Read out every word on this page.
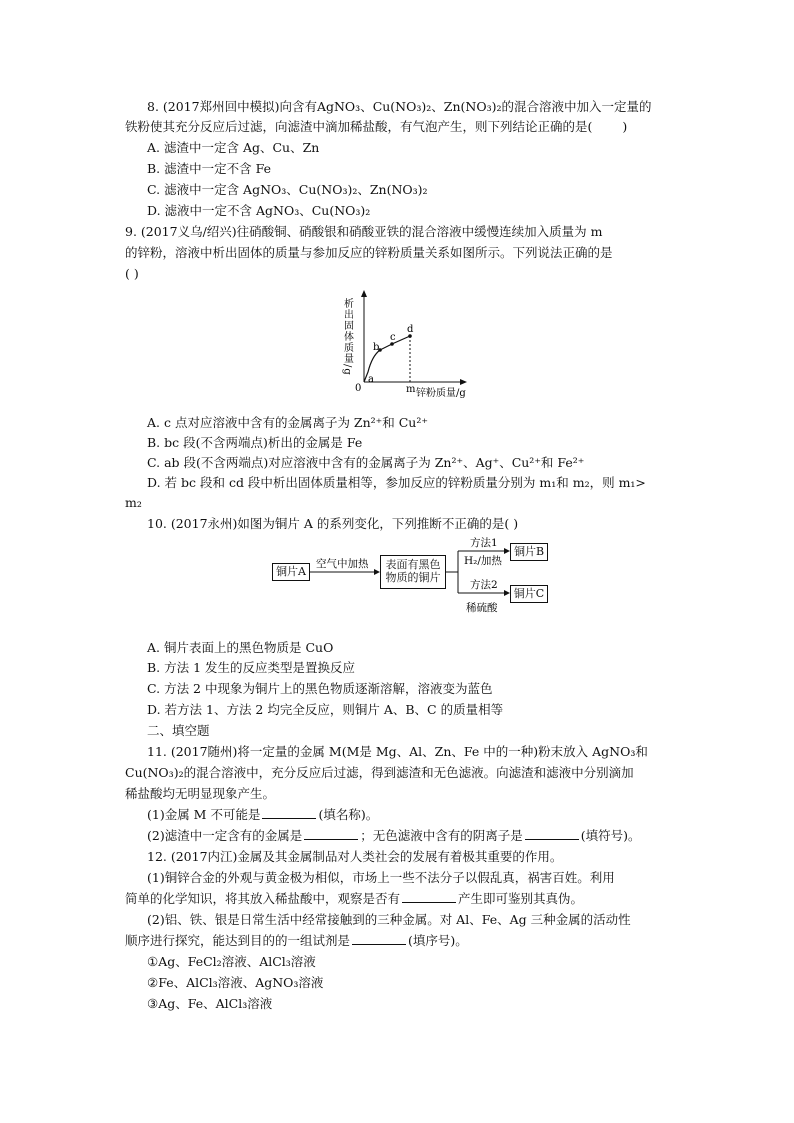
8. (2017郑州回中模拟)向含有AgNO₃、Cu(NO₃)₂、Zn(NO₃)₂的混合溶液中加入一定量的
铁粉使其充分反应后过滤，向滤渣中滴加稀盐酸，有气泡产生，则下列结论正确的是( )
A. 滤渣中一定含 Ag、Cu、Zn
B. 滤渣中一定不含 Fe
C. 滤液中一定含 AgNO₃、Cu(NO₃)₂、Zn(NO₃)₂
D. 滤液中一定不含 AgNO₃、Cu(NO₃)₂
9. (2017义乌/绍兴)往硝酸铜、硝酸银和硝酸亚铁的混合溶液中缓慢连续加入质量为 m
的锌粉，溶液中析出固体的质量与参加反应的锌粉质量关系如图所示。下列说法正确的是
( )
析出固体质量/g
0
a
b
c
d
m 锌粉质量/g
A. c 点对应溶液中含有的金属离子为 Zn²⁺和 Cu²⁺
B. bc 段(不含两端点)析出的金属是 Fe
C. ab 段(不含两端点)对应溶液中含有的金属离子为 Zn²⁺、Ag⁺、Cu²⁺和 Fe²⁺
D. 若 bc 段和 cd 段中析出固体质量相等，参加反应的锌粉质量分别为 m₁和 m₂，则 m₁>
m₂
10. (2017永州)如图为铜片 A 的系列变化，下列推断不正确的是( )
空气中加热
方法1
H₂/加热
方法2
稀硫酸
铜片A
表面有黑色
物质的铜片
铜片B
铜片C
A. 铜片表面上的黑色物质是 CuO
B. 方法 1 发生的反应类型是置换反应
C. 方法 2 中现象为铜片上的黑色物质逐渐溶解，溶液变为蓝色
D. 若方法 1、方法 2 均完全反应，则铜片 A、B、C 的质量相等
二、填空题
11. (2017随州)将一定量的金属 M(M是 Mg、Al、Zn、Fe 中的一种)粉末放入 AgNO₃和
Cu(NO₃)₂的混合溶液中，充分反应后过滤，得到滤渣和无色滤液。向滤渣和滤液中分别滴加
稀盐酸均无明显现象产生。
(1)金属 M 不可能是	(填名称)。
(2)滤渣中一定含有的金属是	；无色滤液中含有的阴离子是	(填符号)。
12. (2017内江)金属及其金属制品对人类社会的发展有着极其重要的作用。
(1)铜锌合金的外观与黄金极为相似，市场上一些不法分子以假乱真，祸害百姓。利用
简单的化学知识，将其放入稀盐酸中，观察是否有	产生即可鉴别其真伪。
(2)铝、铁、银是日常生活中经常接触到的三种金属。对 Al、Fe、Ag 三种金属的活动性
顺序进行探究，能达到目的的一组试剂是	(填序号)。
①Ag、FeCl₂溶液、AlCl₃溶液
②Fe、AlCl₃溶液、AgNO₃溶液
③Ag、Fe、AlCl₃溶液
